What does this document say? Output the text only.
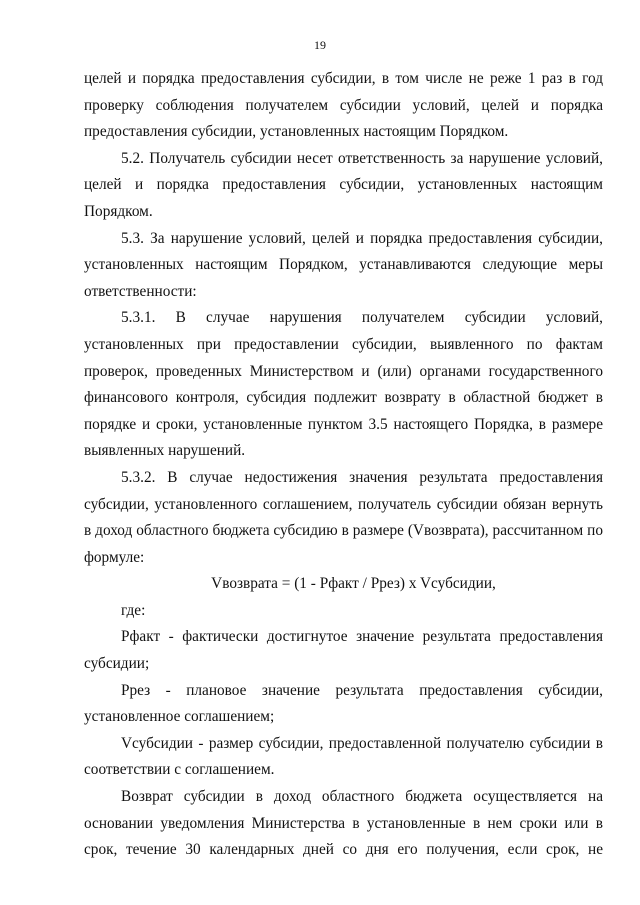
19

целей и порядка предоставления субсидии, в том числе не реже 1 раз в год проверку соблюдения получателем субсидии условий, целей и порядка предоставления субсидии, установленных настоящим Порядком.

5.2. Получатель субсидии несет ответственность за нарушение условий, целей и порядка предоставления субсидии, установленных настоящим Порядком.

5.3. За нарушение условий, целей и порядка предоставления субсидии, установленных настоящим Порядком, устанавливаются следующие меры ответственности:

5.3.1. В случае нарушения получателем субсидии условий, установленных при предоставлении субсидии, выявленного по фактам проверок, проведенных Министерством и (или) органами государственного финансового контроля, субсидия подлежит возврату в областной бюджет в порядке и сроки, установленные пунктом 3.5 настоящего Порядка, в размере выявленных нарушений.

5.3.2. В случае недостижения значения результата предоставления субсидии, установленного соглашением, получатель субсидии обязан вернуть в доход областного бюджета субсидию в размере (Vвозврата), рассчитанном по формуле:

Vвозврата = (1 - Pфакт / Pрез) x Vсубсидии,

где:

Pфакт - фактически достигнутое значение результата предоставления субсидии;

Pрез - плановое значение результата предоставления субсидии, установленное соглашением;

Vсубсидии - размер субсидии, предоставленной получателю субсидии в соответствии с соглашением.

Возврат субсидии в доход областного бюджета осуществляется на основании уведомления Министерства в установленные в нем сроки или в срок, течение 30 календарных дней со дня его получения, если срок, не
